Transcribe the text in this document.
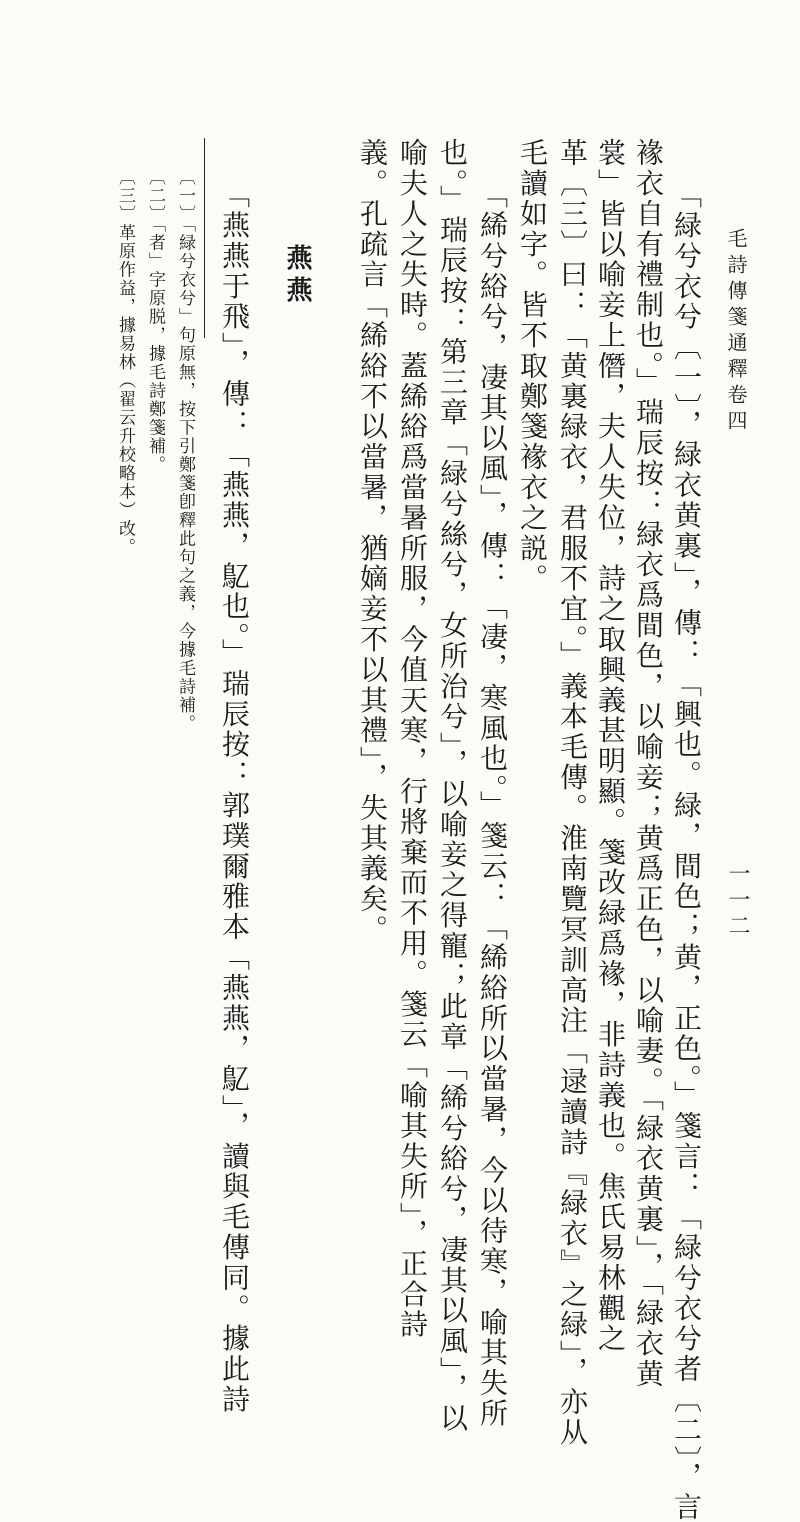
毛詩傳箋通釋卷四
一一二
「緑兮衣兮〔一〕，緑衣黄裏」，傳：「興也。緑，間色；黄，正色。」箋言：「緑兮衣兮者〔二〕，言
褖衣自有禮制也。」瑞辰按：緑衣爲間色，以喻妾；黄爲正色，以喻妻。「緑衣黄裏」，「緑衣黄
裳」皆以喻妾上僭，夫人失位，詩之取興義甚明顯。箋改緑爲褖，非詩義也。焦氏易林觀之
革〔三〕曰：「黄裏緑衣，君服不宜。」義本毛傳。淮南覽冥訓高注「逯讀詩『緑衣』之緑」，亦从
毛讀如字。皆不取鄭箋褖衣之説。
「絺兮綌兮，凄其以風」，傳：「凄，寒風也。」箋云：「絺綌所以當暑，今以待寒，喻其失所
也。」瑞辰按：第三章「緑兮絲兮，女所治兮」，以喻妾之得寵；此章「絺兮綌兮，凄其以風」，以
喻夫人之失時。蓋絺綌爲當暑所服，今值天寒，行將棄而不用。箋云「喻其失所」，正合詩
義。孔疏言「絺綌不以當暑，猶嫡妾不以其禮」，失其義矣。
燕燕
「燕燕于飛」，傳：「燕燕，鳦也。」瑞辰按：郭璞爾雅本「燕燕，鳦」，讀與毛傳同。據此詩
〔一〕「緑兮衣兮」句原無，按下引鄭箋卽釋此句之義，今據毛詩補。
〔二〕「者」字原脱，據毛詩鄭箋補。
〔三〕革原作益，據易林（翟云升校略本）改。
